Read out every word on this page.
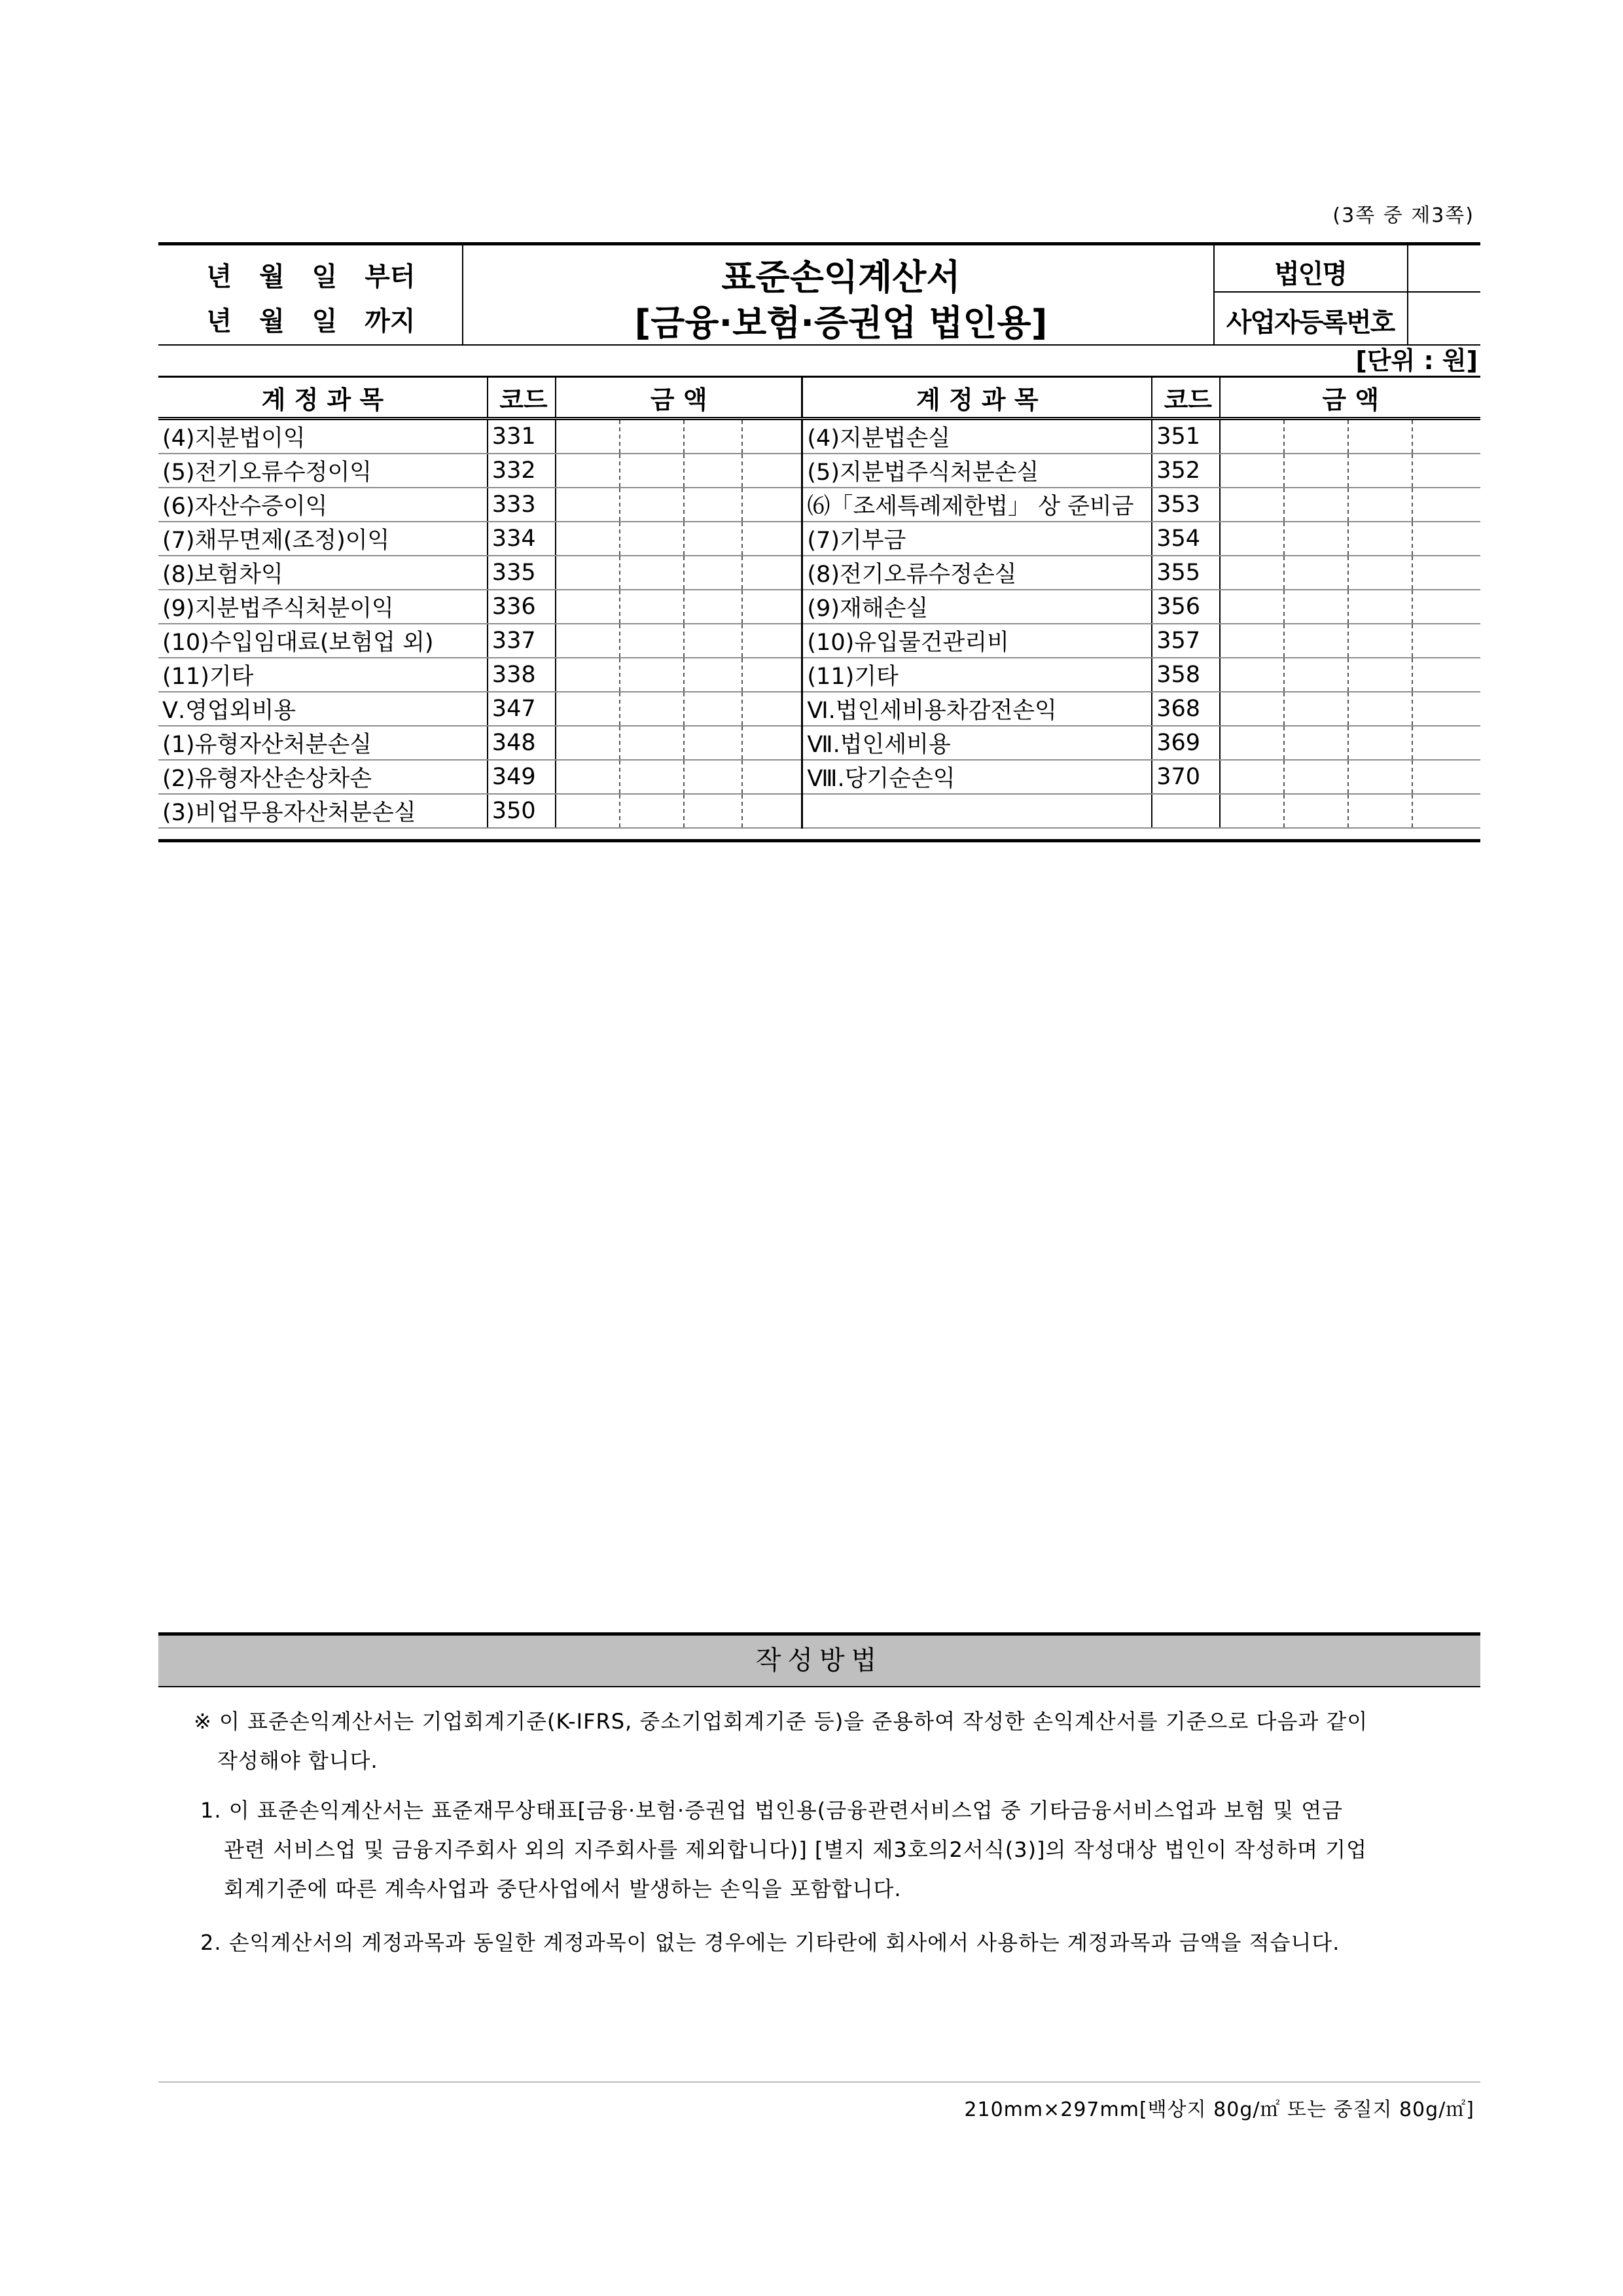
(3쪽 중 제3쪽)
년 월 일 부터
년 월 일 까지
표준손익계산서
[금융·보험·증권업 법인용]
법인명
사업자등록번호
[단위 : 원]
계 정 과 목	코드	금 액				계 정 과 목	코드	금 액			
(4)지분법이익	331					(4)지분법손실	351				
(5)전기오류수정이익	332					(5)지분법주식처분손실	352				
(6)자산수증이익	333					⑹「조세특례제한법」 상 준비금	353				
(7)채무면제(조정)이익	334					(7)기부금	354				
(8)보험차익	335					(8)전기오류수정손실	355				
(9)지분법주식처분이익	336					(9)재해손실	356				
(10)수입임대료(보험업 외)	337					(10)유입물건관리비	357				
(11)기타	338					(11)기타	358				
Ⅴ.영업외비용	347					Ⅵ.법인세비용차감전손익	368				
(1)유형자산처분손실	348					Ⅶ.법인세비용	369				
(2)유형자산손상차손	349					Ⅷ.당기순손익	370				
(3)비업무용자산처분손실	350										
작성방법
※ 이 표준손익계산서는 기업회계기준(K-IFRS, 중소기업회계기준 등)을 준용하여 작성한 손익계산서를 기준으로 다음과 같이
작성해야 합니다.
1. 이 표준손익계산서는 표준재무상태표[금융·보험·증권업 법인용(금융관련서비스업 중 기타금융서비스업과 보험 및 연금
관련 서비스업 및 금융지주회사 외의 지주회사를 제외합니다)] [별지 제3호의2서식(3)]의 작성대상 법인이 작성하며 기업
회계기준에 따른 계속사업과 중단사업에서 발생하는 손익을 포함합니다.
2. 손익계산서의 계정과목과 동일한 계정과목이 없는 경우에는 기타란에 회사에서 사용하는 계정과목과 금액을 적습니다.
210mm×297mm[백상지 80g/㎡ 또는 중질지 80g/㎡]
